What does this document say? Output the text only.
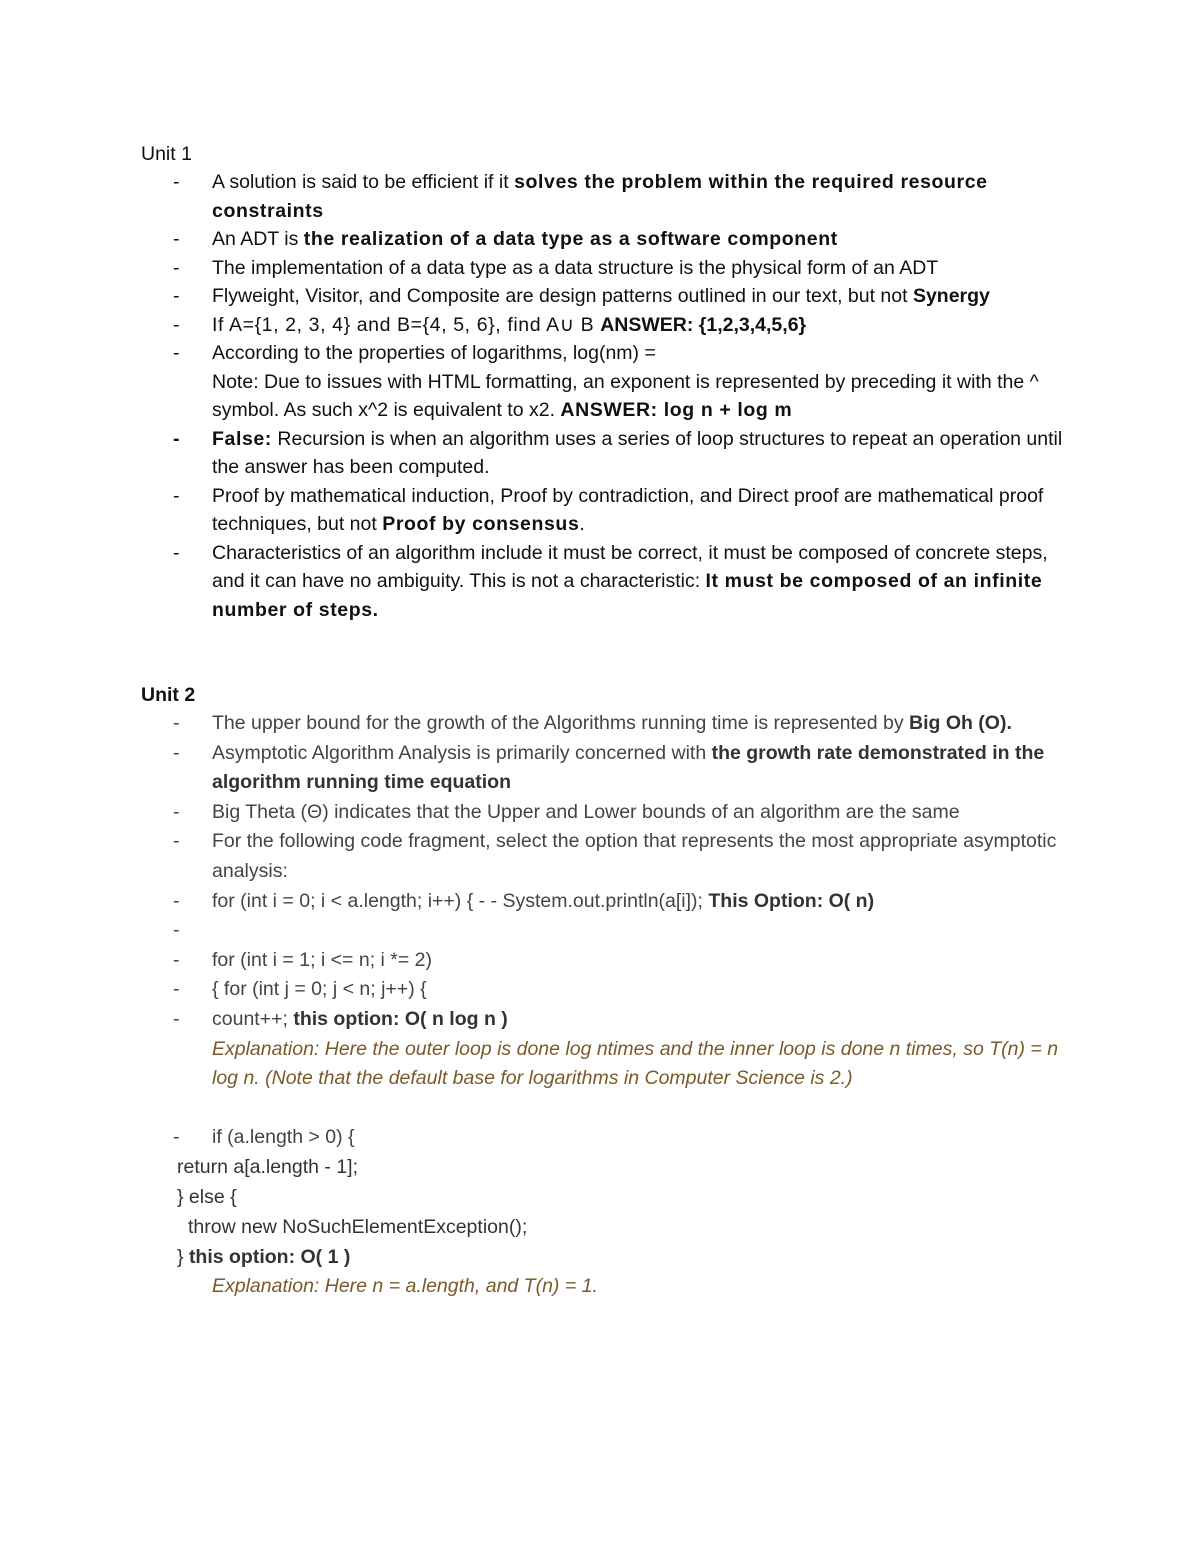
Unit 1
- A solution is said to be efficient if it solves the problem within the required resource constraints
- An ADT is the realization of a data type as a software component
- The implementation of a data type as a data structure is the physical form of an ADT
- Flyweight, Visitor, and Composite are design patterns outlined in our text, but not Synergy
- If A={1, 2, 3, 4} and B={4, 5, 6}, find A∪ B ANSWER: {1,2,3,4,5,6}
- According to the properties of logarithms, log(nm) =
Note: Due to issues with HTML formatting, an exponent is represented by preceding it with the ^ symbol. As such x^2 is equivalent to x2. ANSWER: log n + log m
- False: Recursion is when an algorithm uses a series of loop structures to repeat an operation until the answer has been computed.
- Proof by mathematical induction, Proof by contradiction, and Direct proof are mathematical proof techniques, but not Proof by consensus.
- Characteristics of an algorithm include it must be correct, it must be composed of concrete steps, and it can have no ambiguity. This is not a characteristic: It must be composed of an infinite number of steps.
Unit 2
- The upper bound for the growth of the Algorithms running time is represented by Big Oh (O).
- Asymptotic Algorithm Analysis is primarily concerned with the growth rate demonstrated in the algorithm running time equation
- Big Theta (Θ) indicates that the Upper and Lower bounds of an algorithm are the same
- For the following code fragment, select the option that represents the most appropriate asymptotic analysis:
- for (int i = 0; i < a.length; i++) { - - System.out.println(a[i]); This Option: O( n)
-
- for (int i = 1; i <= n; i *= 2)
- { for (int j = 0; j < n; j++) {
- count++; this option: O( n log n )
Explanation: Here the outer loop is done log ntimes and the inner loop is done n times, so T(n) = n log n. (Note that the default base for logarithms in Computer Science is 2.)
- if (a.length > 0) {
return a[a.length - 1];
} else {
throw new NoSuchElementException();
} this option: O( 1 )
Explanation: Here n = a.length, and T(n) = 1.
